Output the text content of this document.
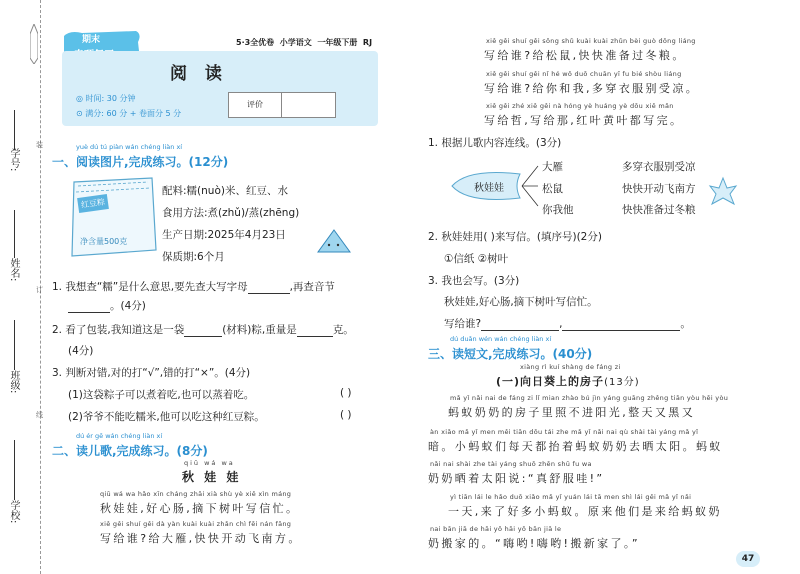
学号:
姓名:
班级:
学校:
装
订
线
期末	5·3全优卷 小学语文 一年级下册 RJ
阅 读
◎ 时间: 30 分钟
⊙ 满分: 60 分 + 卷面分 5 分
评价
yuè dú tú piàn wán chéng liàn xí
一、阅读图片,完成练习。(12分)
红豆粽
净含量500克
配料:糯(nuò)米、红豆、水
食用方法:煮(zhǔ)/蒸(zhēng)
生产日期:2025年4月23日
保质期:6个月
1. 我想查“糯”是什么意思,要先查大写字母	,再查音节
。(4分)
2. 看了包装,我知道这是一袋	(材料)粽,重量是	克。
(4分)
3. 判断对错,对的打“√”,错的打“×”。(4分)
(1)这袋粽子可以煮着吃,也可以蒸着吃。	( )
(2)爷爷不能吃糯米,他可以吃这种红豆粽。	( )
dú ér gē wán chéng liàn xí
二、读儿歌,完成练习。(8分)
qiū wá wa
秋 娃 娃
qiū wá wa hǎo xīn cháng zhāi xià shù yè xiě xìn máng
秋娃娃,好心肠,摘下树叶写信忙。
xiě gěi shuí gěi dà yàn kuài kuài zhǎn chì fēi nán fāng
写给谁?给大雁,快快开动飞南方。
xiě gěi shuí gěi sōng shǔ kuài kuài zhǔn bèi guò dōng liáng
写给谁?给松鼠,快快准备过冬粮。
xiě gěi shuí gěi nǐ hé wǒ duō chuān yī fu bié shòu liáng
写给谁?给你和我,多穿衣服别受凉。
xiě gěi zhé xiě gěi nà hóng yè huáng yè dōu xiě mǎn
写给哲,写给那,红叶黄叶都写完。
1. 根据儿歌内容连线。(3分)
秋娃娃
大雁
松鼠
你我他
多穿衣服别受凉
快快开动飞南方
快快准备过冬粮
2. 秋娃娃用( )来写信。(填序号)(2分)
①信纸 ②树叶
3. 我也会写。(3分)
秋娃娃,好心肠,摘下树叶写信忙。
写给谁?	,	。
dú duǎn wén wán chéng liàn xí
三、读短文,完成练习。(40分)
xiàng rì kuí shàng de fáng zi
(一)向日葵上的房子(13分)
mǎ yǐ nǎi nai de fáng zi lǐ mian zhào bú jìn yáng guāng zhěng tiān yòu hēi yòu
蚂蚁奶奶的房子里照不进阳光,整天又黑又
àn xiǎo mǎ yǐ men měi tiān dōu tái zhe mǎ yǐ nǎi nai qù shài tài yáng mǎ yǐ
暗。小蚂蚁们每天都抬着蚂蚁奶奶去晒太阳。蚂蚁
nǎi nai shài zhe tài yáng shuō zhēn shū fu wa
奶奶晒着太阳说:“真舒服哇!”
yì tiān lái le hǎo duō xiǎo mǎ yǐ yuán lái tā men shì lái gěi mǎ yǐ nǎi
一天,来了好多小蚂蚁。原来他们是来给蚂蚁奶
nai bān jiā de hāi yō hāi yō bān jiā le
奶搬家的。“嗨哟!嗨哟!搬新家了。”
47
